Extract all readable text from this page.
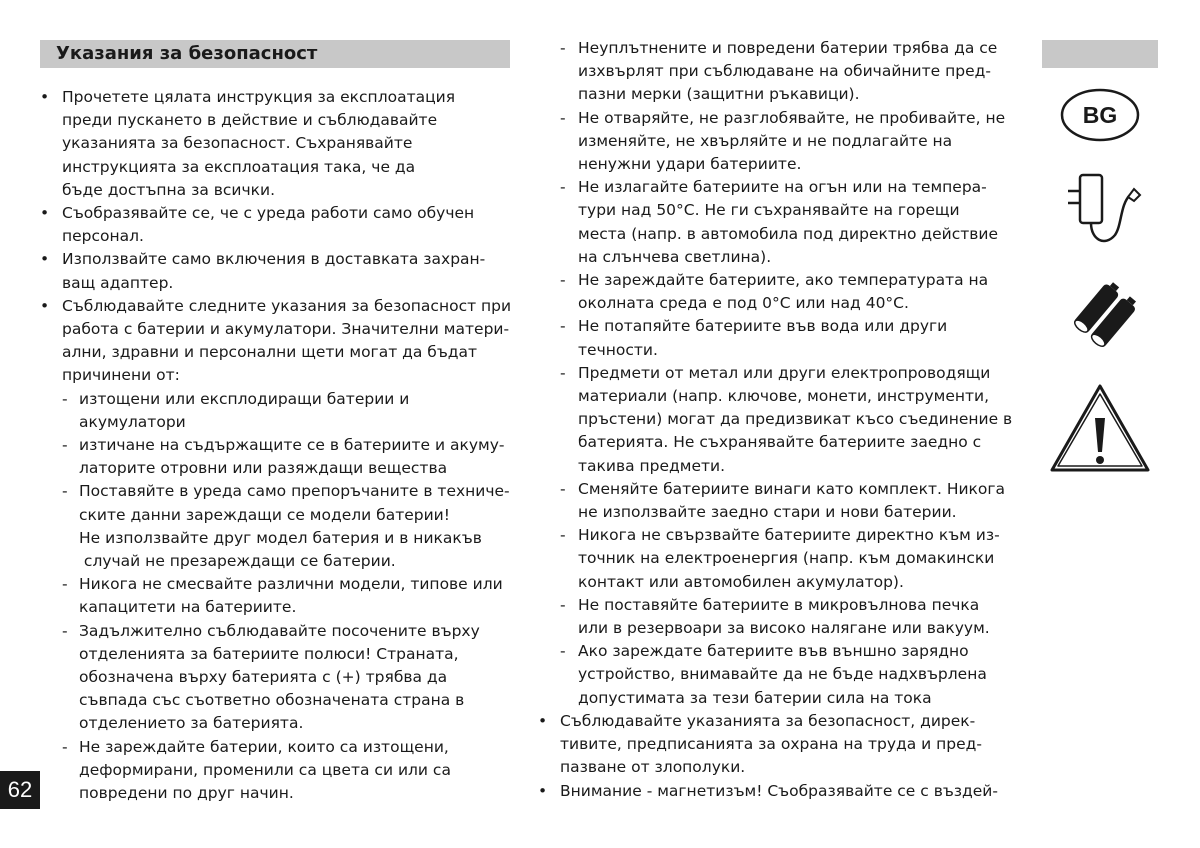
Указания за безопасност
• Прочетете цялата инструкция за експлоатация
преди пускането в действие и съблюдавайте
указанията за безопасност. Съхранявайте
инструкцията за експлоатация така, че да
бъде достъпна за всички.
• Съобразявайте се, че с уреда работи само обучен
персонал.
• Използвайте само включения в доставката захран-
ващ адаптер.
• Съблюдавайте следните указания за безопасност при
работа с батерии и акумулатори. Значителни матери-
ални, здравни и персонални щети могат да бъдат
причинени от:
- изтощени или експлодиращи батерии и
акумулатори
- изтичане на съдържащите се в батериите и акуму-
латорите отровни или разяждащи вещества
- Поставяйте в уреда само препоръчаните в техниче-
ските данни зареждащи се модели батерии!
Не използвайте друг модел батерия и в никакъв
случай не презареждащи се батерии.
- Никога не смесвайте различни модели, типове или
капацитети на батериите.
- Задължително съблюдавайте посочените върху
отделенията за батериите полюси! Страната,
обозначена върху батерията с (+) трябва да
съвпада със съответно обозначената страна в
отделението за батерията.
- Не зареждайте батерии, които са изтощени,
деформирани, променили са цвета си или са
повредени по друг начин.
- Неуплътнените и повредени батерии трябва да се
изхвърлят при съблюдаване на обичайните пред-
пазни мерки (защитни ръкавици).
- Не отваряйте, не разглобявайте, не пробивайте, не
изменяйте, не хвърляйте и не подлагайте на
ненужни удари батериите.
- Не излагайте батериите на огън или на темпера-
тури над 50°C. Не ги съхранявайте на горещи
места (напр. в автомобила под директно действие
на слънчева светлина).
- Не зареждайте батериите, ако температурата на
околната среда е под 0°C или над 40°C.
- Не потапяйте батериите във вода или други
течности.
- Предмети от метал или други електропроводящи
материали (напр. ключове, монети, инструменти,
пръстени) могат да предизвикат късо съединение в
батерията. Не съхранявайте батериите заедно с
такива предмети.
- Сменяйте батериите винаги като комплект. Никога
не използвайте заедно стари и нови батерии.
- Никога не свързвайте батериите директно към из-
точник на електроенергия (напр. към домакински
контакт или автомобилен акумулатор).
- Не поставяйте батериите в микровълнова печка
или в резервоари за високо налягане или вакуум.
- Ако зареждате батериите във външно зарядно
устройство, внимавайте да не бъде надхвърлена
допустимата за тези батерии сила на тока
• Съблюдавайте указанията за безопасност, дирек-
тивите, предписанията за охрана на труда и пред-
пазване от злополуки.
• Внимание - магнетизъм! Съобразявайте се с въздей-
62
BG
